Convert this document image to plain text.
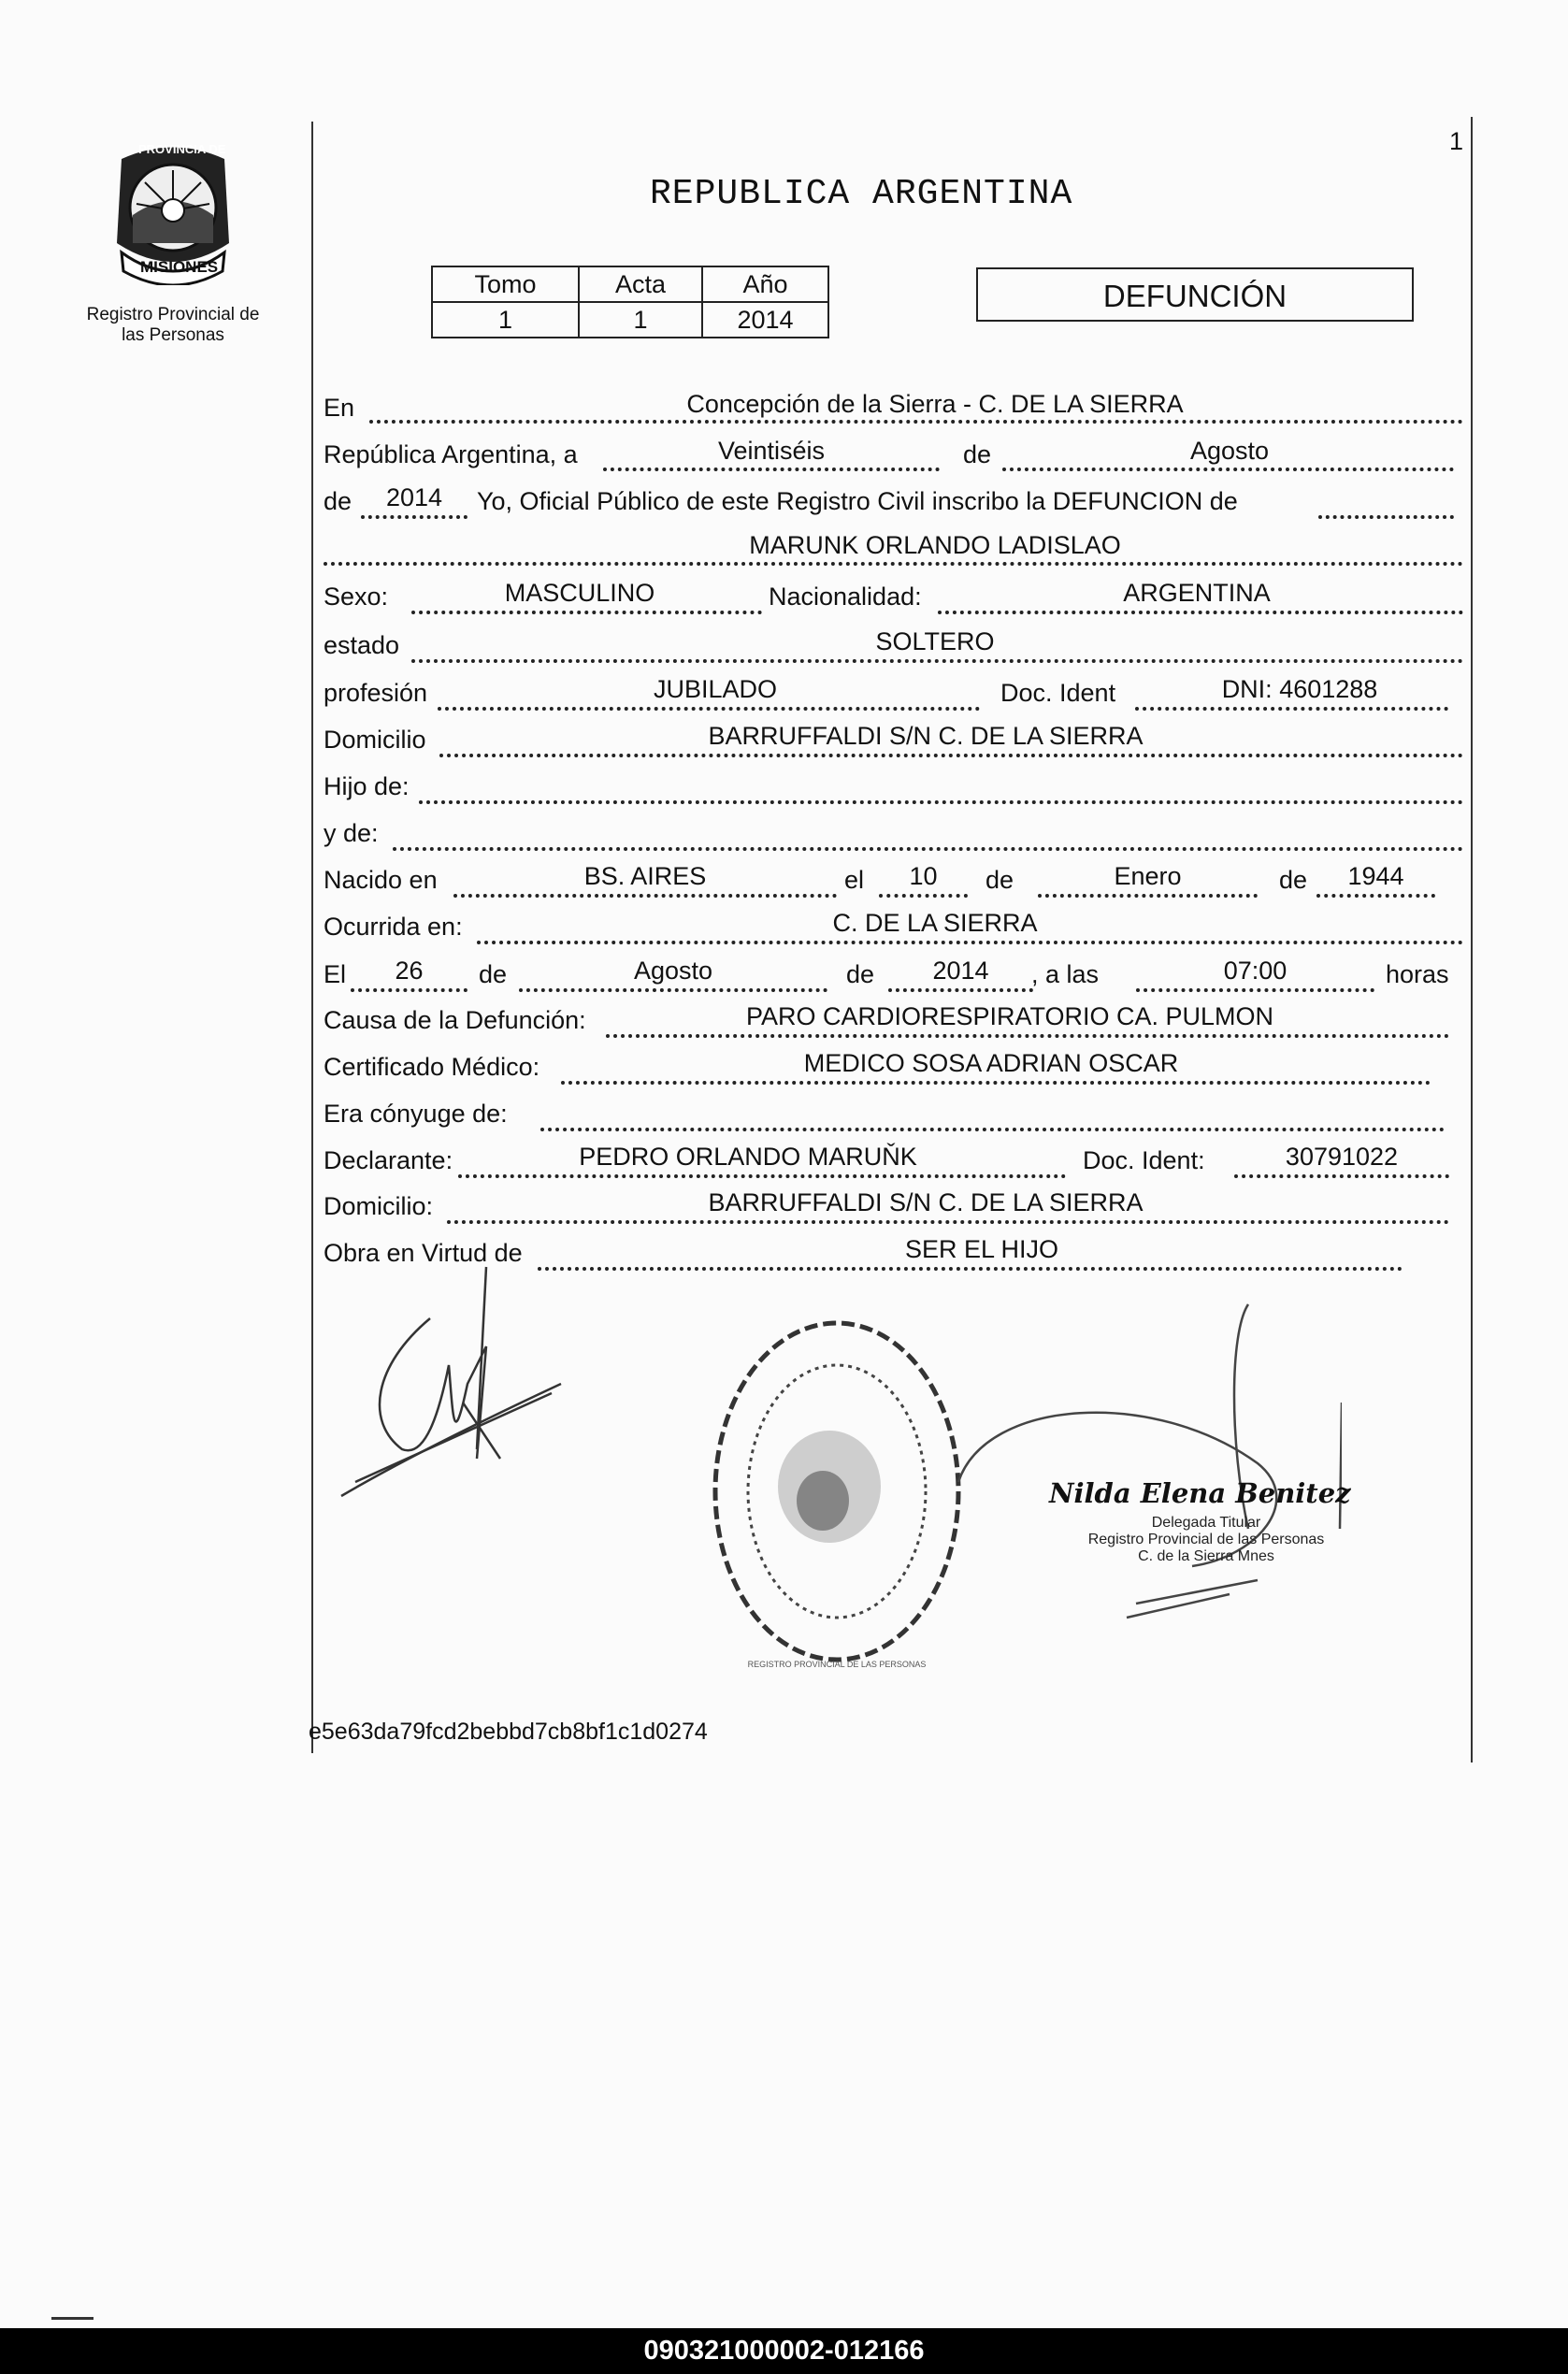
PROVINCIA DE
MISIONES
Registro Provincial de
las Personas
1
REPUBLICA ARGENTINA
Tomo	Acta	Año
1	1	2014
DEFUNCIÓN
En	Concepción de la Sierra - C. DE LA SIERRA
República Argentina, a	Veintiséis	de	Agosto
de	2014	Yo, Oficial Público de este Registro Civil inscribo la DEFUNCION de
MARUNK ORLANDO LADISLAO
Sexo:	MASCULINO	Nacionalidad:	ARGENTINA
estado	SOLTERO
profesión	JUBILADO	Doc. Ident	DNI: 4601288
Domicilio	BARRUFFALDI S/N C. DE LA SIERRA
Hijo de:
y de:
Nacido en	BS. AIRES	el	10	de	Enero	de	1944
Ocurrida en:	C. DE LA SIERRA
El	26	de	Agosto	de	2014	, a las	07:00	horas
Causa de la Defunción:	PARO CARDIORESPIRATORIO CA. PULMON
Certificado Médico:	MEDICO SOSA ADRIAN OSCAR
Era cónyuge de:
Declarante:	PEDRO ORLANDO MARUŇK	Doc. Ident:	30791022
Domicilio:	BARRUFFALDI S/N C. DE LA SIERRA
Obra en Virtud de	SER EL HIJO
REGISTRO PROVINCIAL DE LAS PERSONAS
Nilda Elena Benitez
Delegada Titular
Registro Provincial de las Personas
C. de la Sierra Mnes
e5e63da79fcd2bebbd7cb8bf1c1d0274
090321000002-012166
